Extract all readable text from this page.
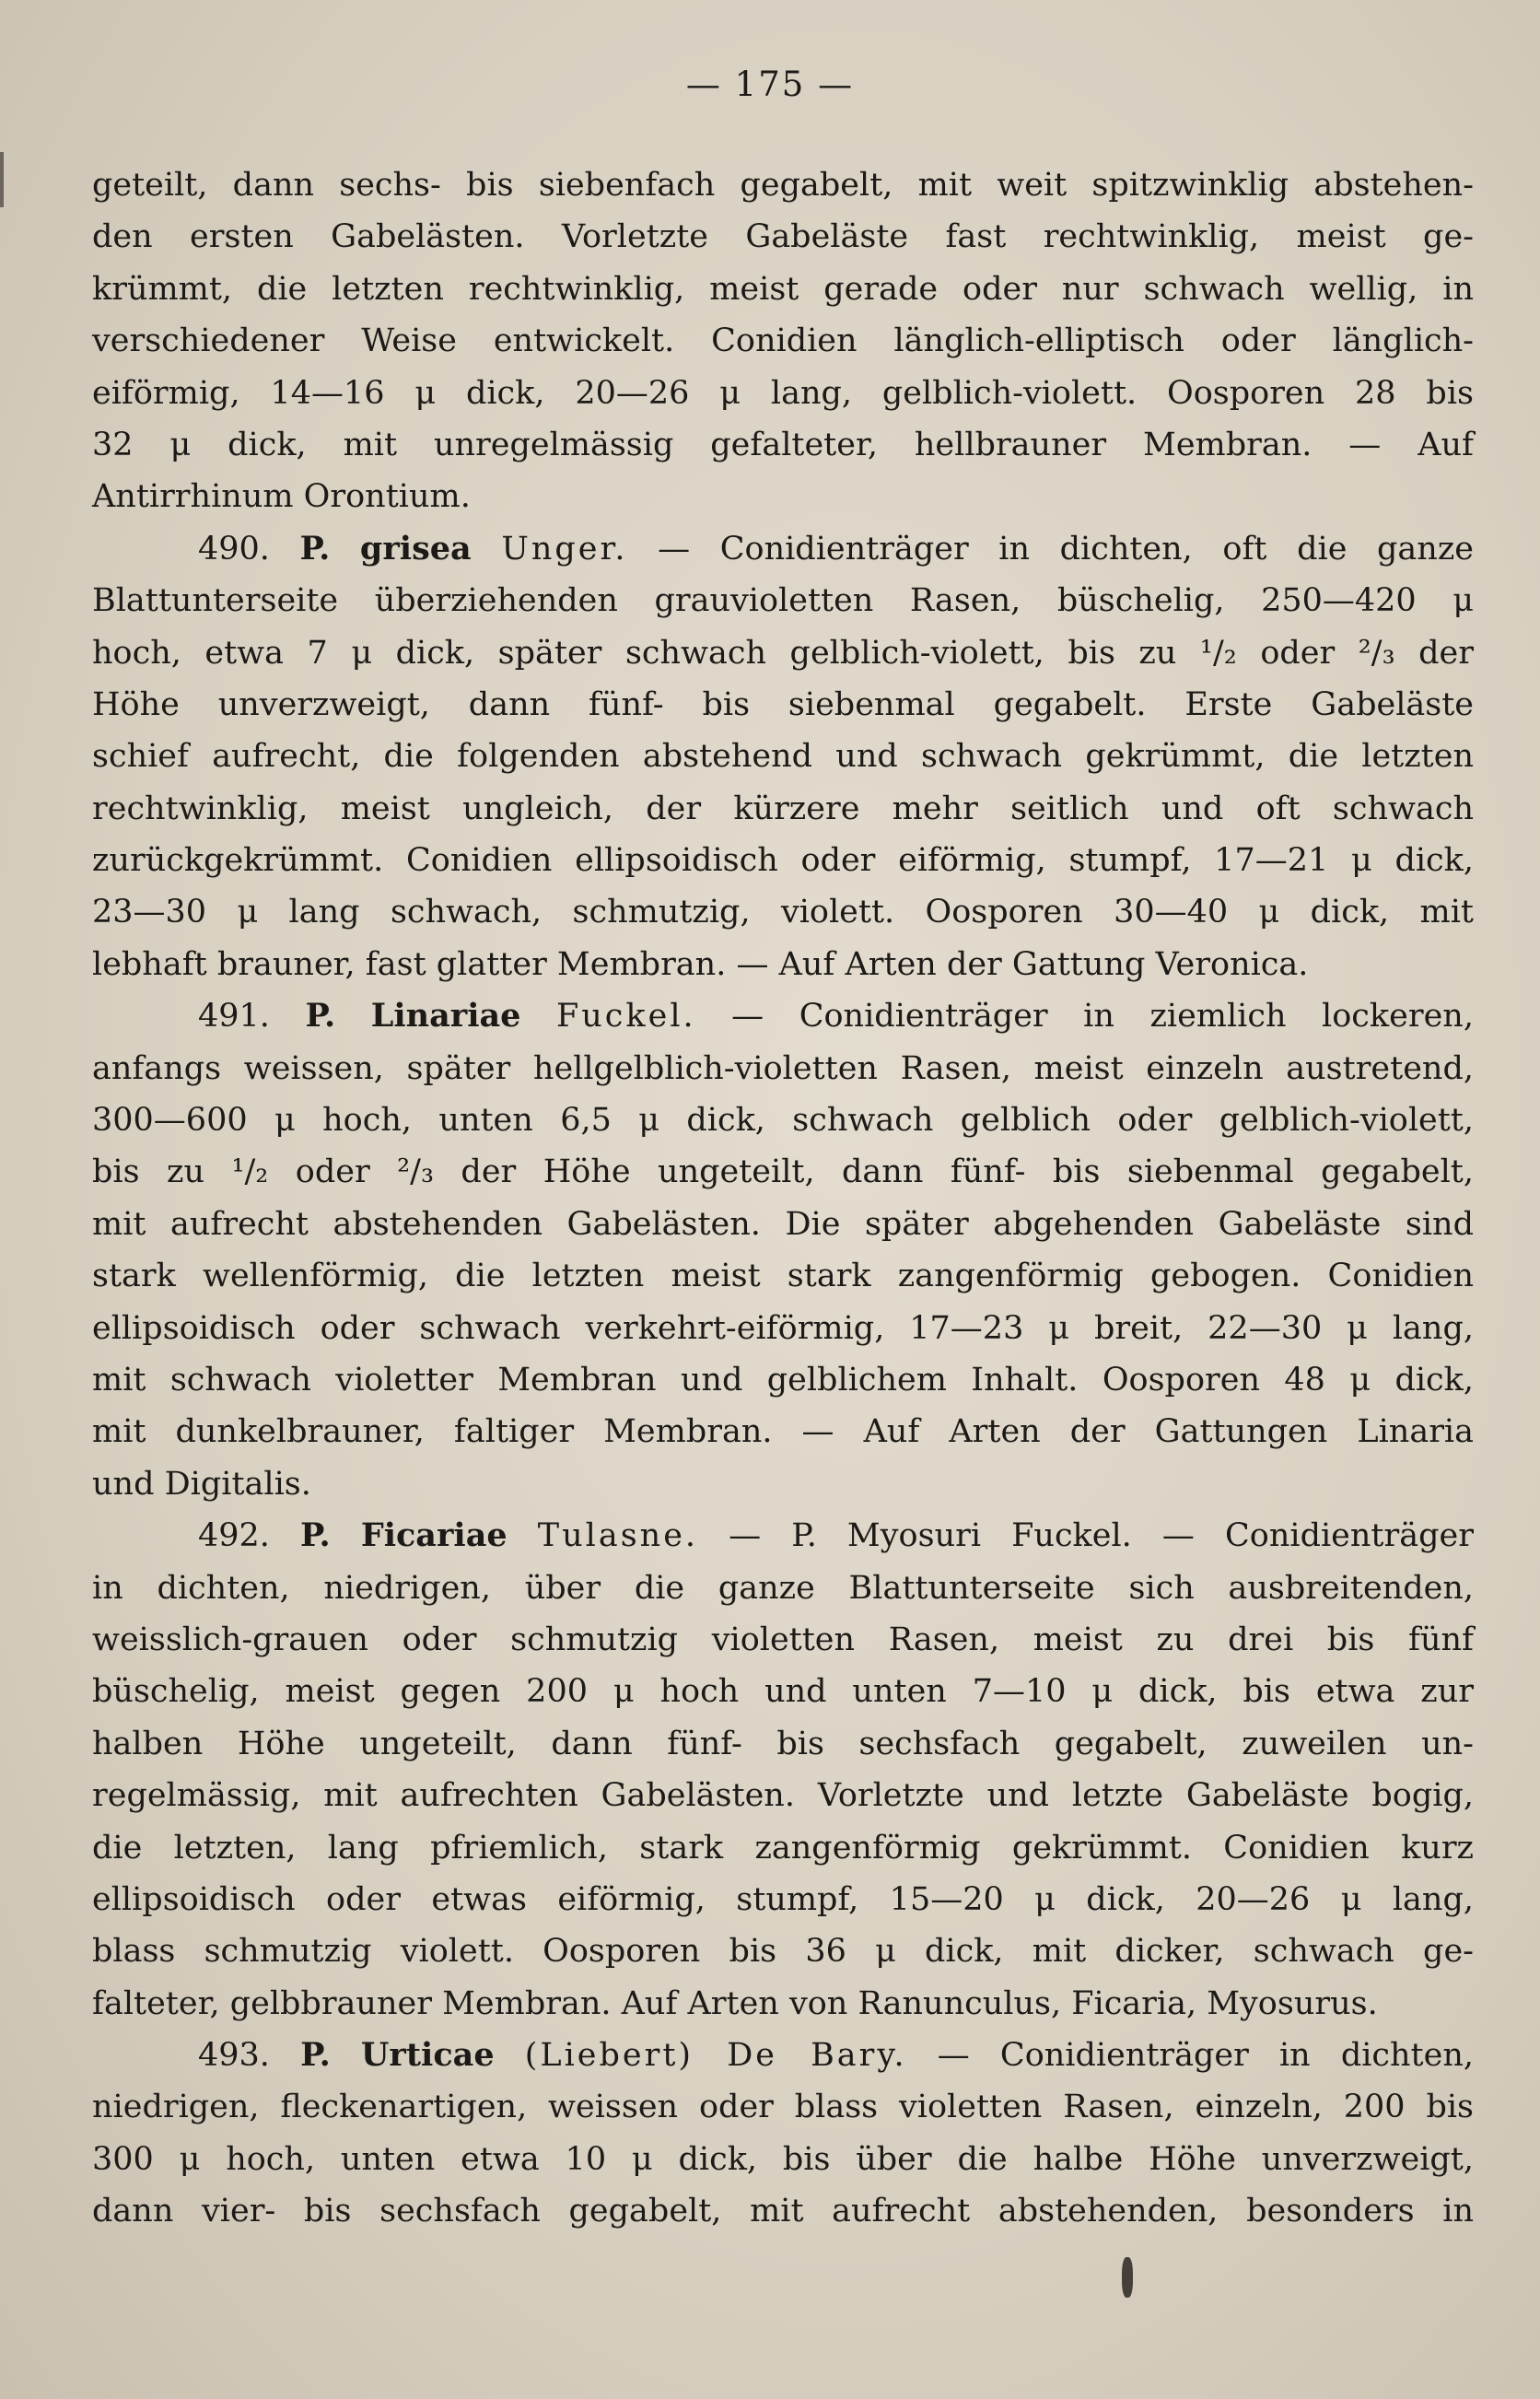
— 175 —
geteilt, dann sechs- bis siebenfach gegabelt, mit weit spitzwinklig abstehen-
den ersten Gabelästen. Vorletzte Gabeläste fast rechtwinklig, meist ge-
krümmt, die letzten rechtwinklig, meist gerade oder nur schwach wellig, in
verschiedener Weise entwickelt. Conidien länglich-elliptisch oder länglich-
eiförmig, 14—16 μ dick, 20—26 μ lang, gelblich-violett. Oosporen 28 bis
32 μ dick, mit unregelmässig gefalteter, hellbrauner Membran. — Auf
Antirrhinum Orontium.
490. P. grisea Unger. — Conidienträger in dichten, oft die ganze
Blattunterseite überziehenden grauvioletten Rasen, büschelig, 250—420 μ
hoch, etwa 7 μ dick, später schwach gelblich-violett, bis zu ¹/₂ oder ²/₃ der
Höhe unverzweigt, dann fünf- bis siebenmal gegabelt. Erste Gabeläste
schief aufrecht, die folgenden abstehend und schwach gekrümmt, die letzten
rechtwinklig, meist ungleich, der kürzere mehr seitlich und oft schwach
zurückgekrümmt. Conidien ellipsoidisch oder eiförmig, stumpf, 17—21 μ dick,
23—30 μ lang schwach, schmutzig, violett. Oosporen 30—40 μ dick, mit
lebhaft brauner, fast glatter Membran. — Auf Arten der Gattung Veronica.
491. P. Linariae Fuckel. — Conidienträger in ziemlich lockeren,
anfangs weissen, später hellgelblich-violetten Rasen, meist einzeln austretend,
300—600 μ hoch, unten 6,5 μ dick, schwach gelblich oder gelblich-violett,
bis zu ¹/₂ oder ²/₃ der Höhe ungeteilt, dann fünf- bis siebenmal gegabelt,
mit aufrecht abstehenden Gabelästen. Die später abgehenden Gabeläste sind
stark wellenförmig, die letzten meist stark zangenförmig gebogen. Conidien
ellipsoidisch oder schwach verkehrt-eiförmig, 17—23 μ breit, 22—30 μ lang,
mit schwach violetter Membran und gelblichem Inhalt. Oosporen 48 μ dick,
mit dunkelbrauner, faltiger Membran. — Auf Arten der Gattungen Linaria
und Digitalis.
492. P. Ficariae Tulasne. — P. Myosuri Fuckel. — Conidienträger
in dichten, niedrigen, über die ganze Blattunterseite sich ausbreitenden,
weisslich-grauen oder schmutzig violetten Rasen, meist zu drei bis fünf
büschelig, meist gegen 200 μ hoch und unten 7—10 μ dick, bis etwa zur
halben Höhe ungeteilt, dann fünf- bis sechsfach gegabelt, zuweilen un-
regelmässig, mit aufrechten Gabelästen. Vorletzte und letzte Gabeläste bogig,
die letzten, lang pfriemlich, stark zangenförmig gekrümmt. Conidien kurz
ellipsoidisch oder etwas eiförmig, stumpf, 15—20 μ dick, 20—26 μ lang,
blass schmutzig violett. Oosporen bis 36 μ dick, mit dicker, schwach ge-
falteter, gelbbrauner Membran. Auf Arten von Ranunculus, Ficaria, Myosurus.
493. P. Urticae (Liebert) De Bary. — Conidienträger in dichten,
niedrigen, fleckenartigen, weissen oder blass violetten Rasen, einzeln, 200 bis
300 μ hoch, unten etwa 10 μ dick, bis über die halbe Höhe unverzweigt,
dann vier- bis sechsfach gegabelt, mit aufrecht abstehenden, besonders in
